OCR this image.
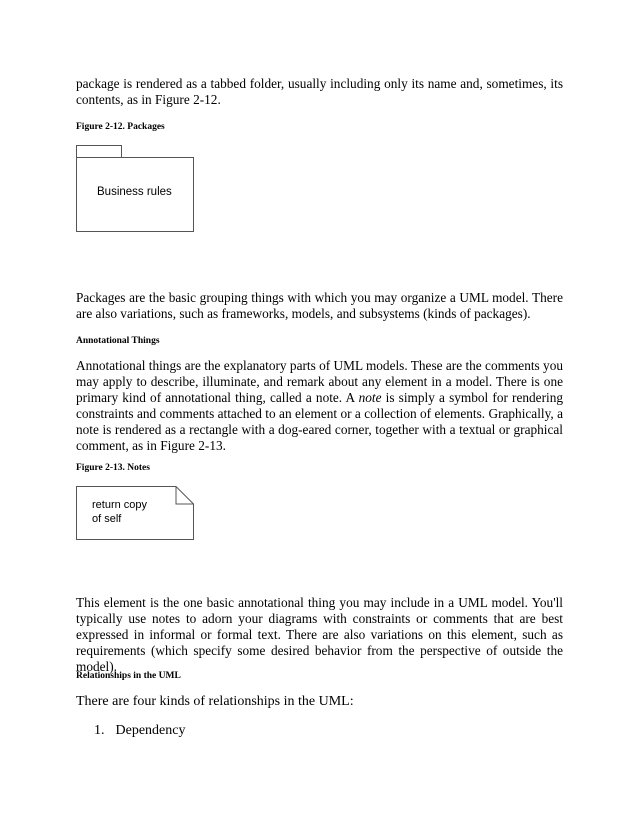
package is rendered as a tabbed folder, usually including only its name and, sometimes, its contents, as in Figure 2-12.

Figure 2-12. Packages

Business rules

Packages are the basic grouping things with which you may organize a UML model. There are also variations, such as frameworks, models, and subsystems (kinds of packages).

Annotational Things

Annotational things are the explanatory parts of UML models. These are the comments you may apply to describe, illuminate, and remark about any element in a model. There is one primary kind of annotational thing, called a note. A note is simply a symbol for rendering constraints and comments attached to an element or a collection of elements. Graphically, a note is rendered as a rectangle with a dog-eared corner, together with a textual or graphical comment, as in Figure 2-13.

Figure 2-13. Notes

return copy
of self

This element is the one basic annotational thing you may include in a UML model. You'll typically use notes to adorn your diagrams with constraints or comments that are best expressed in informal or formal text. There are also variations on this element, such as requirements (which specify some desired behavior from the perspective of outside the model).

Relationships in the UML

There are four kinds of relationships in the UML:

1. Dependency
